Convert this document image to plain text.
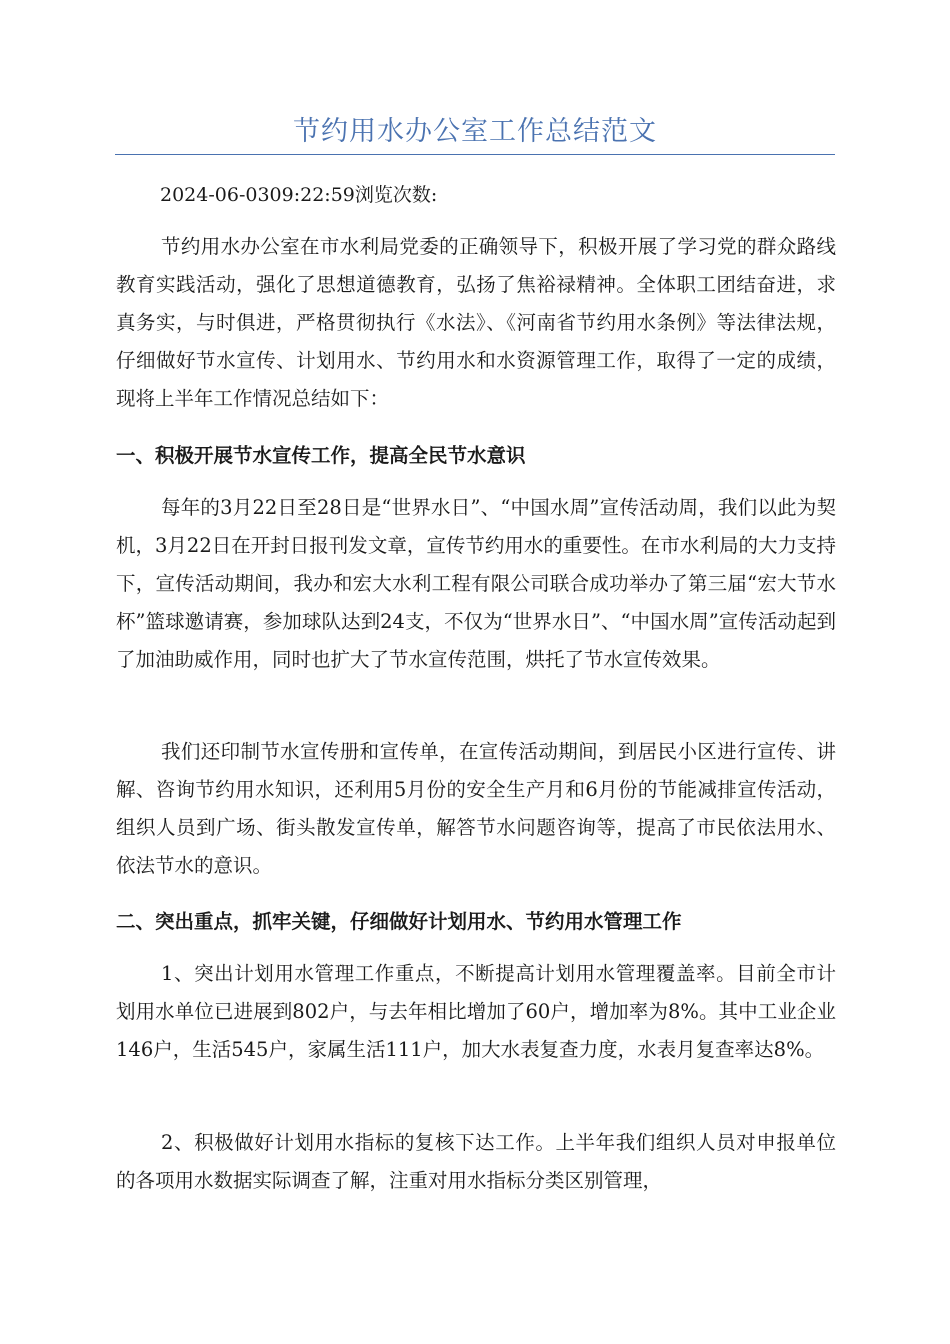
节约用水办公室工作总结范文
2024-06-0309:22:59浏览次数:
节约用水办公室在市水利局党委的正确领导下，积极开展了学习党的群众路线教育实践活动，强化了思想道德教育，弘扬了焦裕禄精神。全体职工团结奋进，求真务实，与时俱进，严格贯彻执行《水法》、《河南省节约用水条例》等法律法规，仔细做好节水宣传、计划用水、节约用水和水资源管理工作，取得了一定的成绩，现将上半年工作情况总结如下：
一、积极开展节水宣传工作，提高全民节水意识
每年的3月22日至28日是“世界水日”、“中国水周”宣传活动周，我们以此为契机，3月22日在开封日报刊发文章，宣传节约用水的重要性。在市水利局的大力支持下，宣传活动期间，我办和宏大水利工程有限公司联合成功举办了第三届“宏大节水杯”篮球邀请赛，参加球队达到24支，不仅为“世界水日”、“中国水周”宣传活动起到了加油助威作用，同时也扩大了节水宣传范围，烘托了节水宣传效果。
我们还印制节水宣传册和宣传单，在宣传活动期间，到居民小区进行宣传、讲解、咨询节约用水知识，还利用5月份的安全生产月和6月份的节能减排宣传活动，组织人员到广场、街头散发宣传单，解答节水问题咨询等，提高了市民依法用水、依法节水的意识。
二、突出重点，抓牢关键，仔细做好计划用水、节约用水管理工作
1、突出计划用水管理工作重点，不断提高计划用水管理覆盖率。目前全市计划用水单位已进展到802户，与去年相比增加了60户，增加率为8%。其中工业企业146户，生活545户，家属生活111户，加大水表复查力度，水表月复查率达8%。
2、积极做好计划用水指标的复核下达工作。上半年我们组织人员对申报单位的各项用水数据实际调查了解，注重对用水指标分类区别管理，
